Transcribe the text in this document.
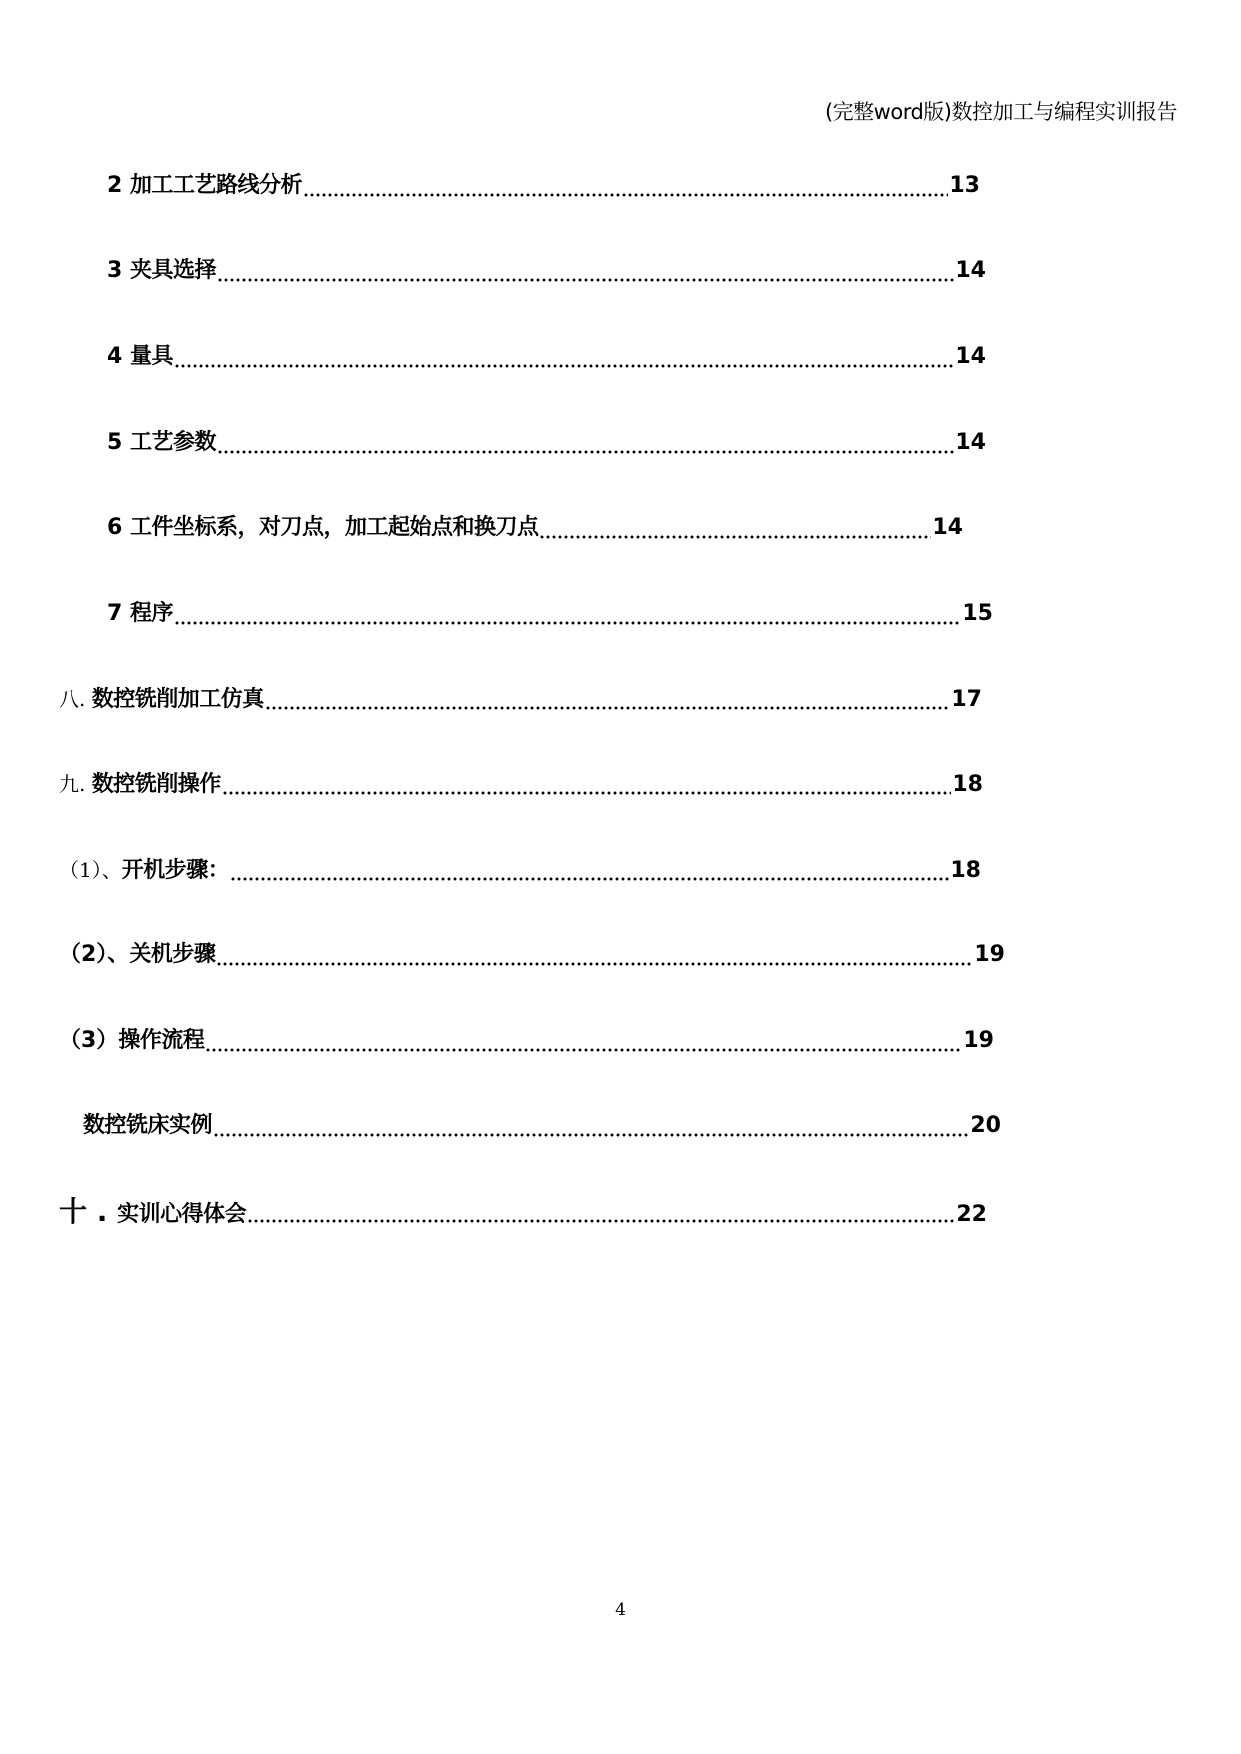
(完整word版)数控加工与编程实训报告
2 加工工艺路线分析	13
3 夹具选择	14
4 量具	14
5 工艺参数	14
6 工件坐标系，对刀点，加工起始点和换刀点	14
7 程序	15
八. 数控铣削加工仿真	17
九. 数控铣削操作	18
（1）、 开机步骤：	18
（2）、 关机步骤	19
（3） 操作流程	19
数控铣床实例	20
十 . 实训心得体会	22
4
